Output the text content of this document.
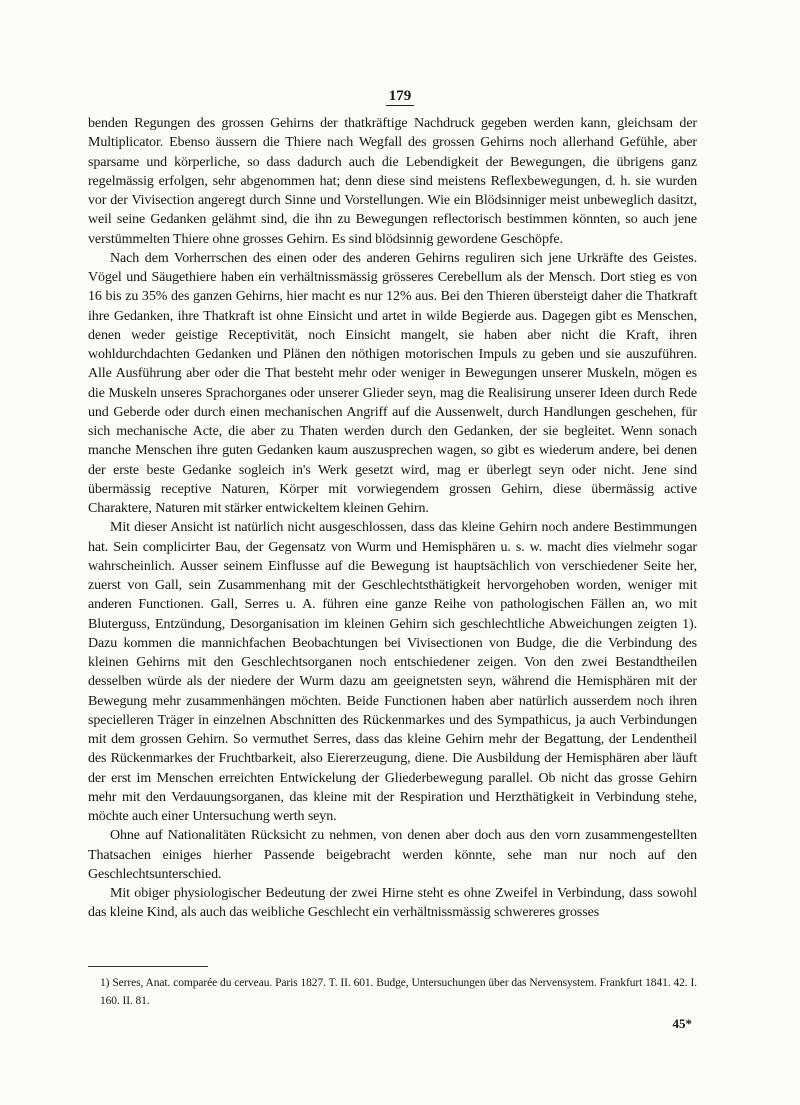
179

benden Regungen des grossen Gehirns der thatkräftige Nachdruck gegeben werden kann, gleichsam der Multiplicator. Ebenso äussern die Thiere nach Wegfall des grossen Gehirns noch allerhand Gefühle, aber sparsame und körperliche, so dass dadurch auch die Lebendigkeit der Bewegungen, die übrigens ganz regelmässig erfolgen, sehr abgenommen hat; denn diese sind meistens Reflexbewegungen, d. h. sie wurden vor der Vivisection angeregt durch Sinne und Vorstellungen. Wie ein Blödsinniger meist unbeweglich dasitzt, weil seine Gedanken gelähmt sind, die ihn zu Bewegungen reflectorisch bestimmen könnten, so auch jene verstümmelten Thiere ohne grosses Gehirn. Es sind blödsinnig gewordene Geschöpfe.

Nach dem Vorherrschen des einen oder des anderen Gehirns reguliren sich jene Urkräfte des Geistes. Vögel und Säugethiere haben ein verhältnissmässig grösseres Cerebellum als der Mensch. Dort stieg es von 16 bis zu 35% des ganzen Gehirns, hier macht es nur 12% aus. Bei den Thieren übersteigt daher die Thatkraft ihre Gedanken, ihre Thatkraft ist ohne Einsicht und artet in wilde Begierde aus. Dagegen gibt es Menschen, denen weder geistige Receptivität, noch Einsicht mangelt, sie haben aber nicht die Kraft, ihren wohldurchdachten Gedanken und Plänen den nöthigen motorischen Impuls zu geben und sie auszuführen. Alle Ausführung aber oder die That besteht mehr oder weniger in Bewegungen unserer Muskeln, mögen es die Muskeln unseres Sprachorganes oder unserer Glieder seyn, mag die Realisirung unserer Ideen durch Rede und Geberde oder durch einen mechanischen Angriff auf die Aussenwelt, durch Handlungen geschehen, für sich mechanische Acte, die aber zu Thaten werden durch den Gedanken, der sie begleitet. Wenn sonach manche Menschen ihre guten Gedanken kaum auszusprechen wagen, so gibt es wiederum andere, bei denen der erste beste Gedanke sogleich in's Werk gesetzt wird, mag er überlegt seyn oder nicht. Jene sind übermässig receptive Naturen, Körper mit vorwiegendem grossen Gehirn, diese übermässig active Charaktere, Naturen mit stärker entwickeltem kleinen Gehirn.

Mit dieser Ansicht ist natürlich nicht ausgeschlossen, dass das kleine Gehirn noch andere Bestimmungen hat. Sein complicirter Bau, der Gegensatz von Wurm und Hemisphären u. s. w. macht dies vielmehr sogar wahrscheinlich. Ausser seinem Einflusse auf die Bewegung ist hauptsächlich von verschiedener Seite her, zuerst von Gall, sein Zusammenhang mit der Geschlechtsthätigkeit hervorgehoben worden, weniger mit anderen Functionen. Gall, Serres u. A. führen eine ganze Reihe von pathologischen Fällen an, wo mit Bluterguss, Entzündung, Desorganisation im kleinen Gehirn sich geschlechtliche Abweichungen zeigten 1). Dazu kommen die mannichfachen Beobachtungen bei Vivisectionen von Budge, die die Verbindung des kleinen Gehirns mit den Geschlechtsorganen noch entschiedener zeigen. Von den zwei Bestandtheilen desselben würde als der niedere der Wurm dazu am geeignetsten seyn, während die Hemisphären mit der Bewegung mehr zusammenhängen möchten. Beide Functionen haben aber natürlich ausserdem noch ihren specielleren Träger in einzelnen Abschnitten des Rückenmarkes und des Sympathicus, ja auch Verbindungen mit dem grossen Gehirn. So vermuthet Serres, dass das kleine Gehirn mehr der Begattung, der Lendentheil des Rückenmarkes der Fruchtbarkeit, also Eiererzeugung, diene. Die Ausbildung der Hemisphären aber läuft der erst im Menschen erreichten Entwickelung der Gliederbewegung parallel. Ob nicht das grosse Gehirn mehr mit den Verdauungsorganen, das kleine mit der Respiration und Herzthätigkeit in Verbindung stehe, möchte auch einer Untersuchung werth seyn.

Ohne auf Nationalitäten Rücksicht zu nehmen, von denen aber doch aus den vorn zusammengestellten Thatsachen einiges hierher Passende beigebracht werden könnte, sehe man nur noch auf den Geschlechtsunterschied.

Mit obiger physiologischer Bedeutung der zwei Hirne steht es ohne Zweifel in Verbindung, dass sowohl das kleine Kind, als auch das weibliche Geschlecht ein verhältnissmässig schwereres grosses

1) Serres, Anat. comparée du cerveau. Paris 1827. T. II. 601. Budge, Untersuchungen über das Nervensystem. Frankfurt 1841. 42. I. 160. II. 81.
45*
